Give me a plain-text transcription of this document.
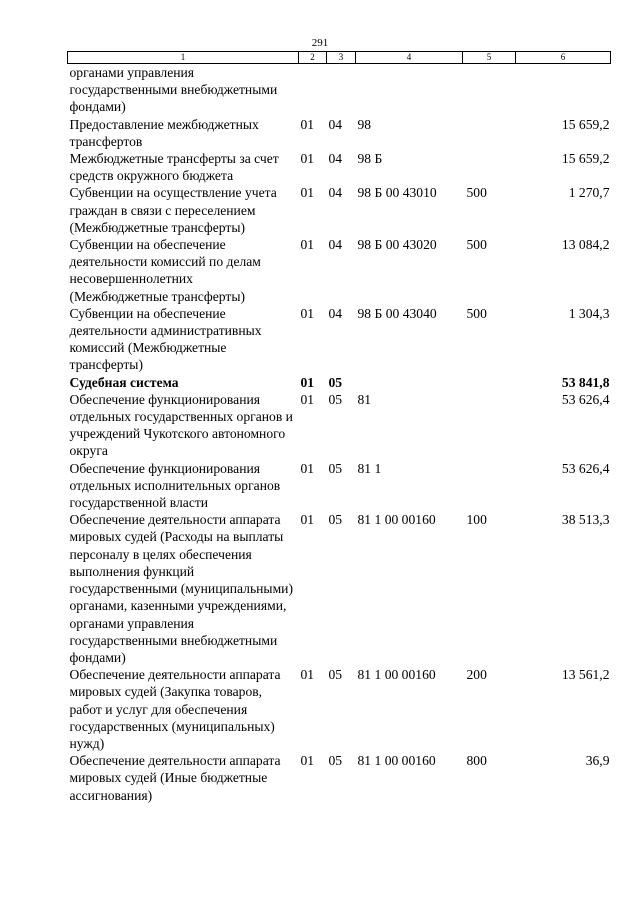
291
1	2	3	4	5	6
органами управления государственными внебюджетными фондами)					
Предоставление межбюджетных трансфертов	01	04	98		15 659,2
Межбюджетные трансферты за счет средств окружного бюджета	01	04	98 Б		15 659,2
Субвенции на осуществление учета граждан в связи с переселением (Межбюджетные трансферты)	01	04	98 Б 00 43010	500	1 270,7
Субвенции на обеспечение деятельности комиссий по делам несовершеннолетних (Межбюджетные трансферты)	01	04	98 Б 00 43020	500	13 084,2
Субвенции на обеспечение деятельности административных комиссий (Межбюджетные трансферты)	01	04	98 Б 00 43040	500	1 304,3
Судебная система	01	05			53 841,8
Обеспечение функционирования отдельных государственных органов и учреждений Чукотского автономного округа	01	05	81		53 626,4
Обеспечение функционирования отдельных исполнительных органов государственной власти	01	05	81 1		53 626,4
Обеспечение деятельности аппарата мировых судей (Расходы на выплаты персоналу в целях обеспечения выполнения функций государственными (муниципальными) органами, казенными учреждениями, органами управления государственными внебюджетными фондами)	01	05	81 1 00 00160	100	38 513,3
Обеспечение деятельности аппарата мировых судей (Закупка товаров, работ и услуг для обеспечения государственных (муниципальных) нужд)	01	05	81 1 00 00160	200	13 561,2
Обеспечение деятельности аппарата мировых судей (Иные бюджетные ассигнования)	01	05	81 1 00 00160	800	36,9
